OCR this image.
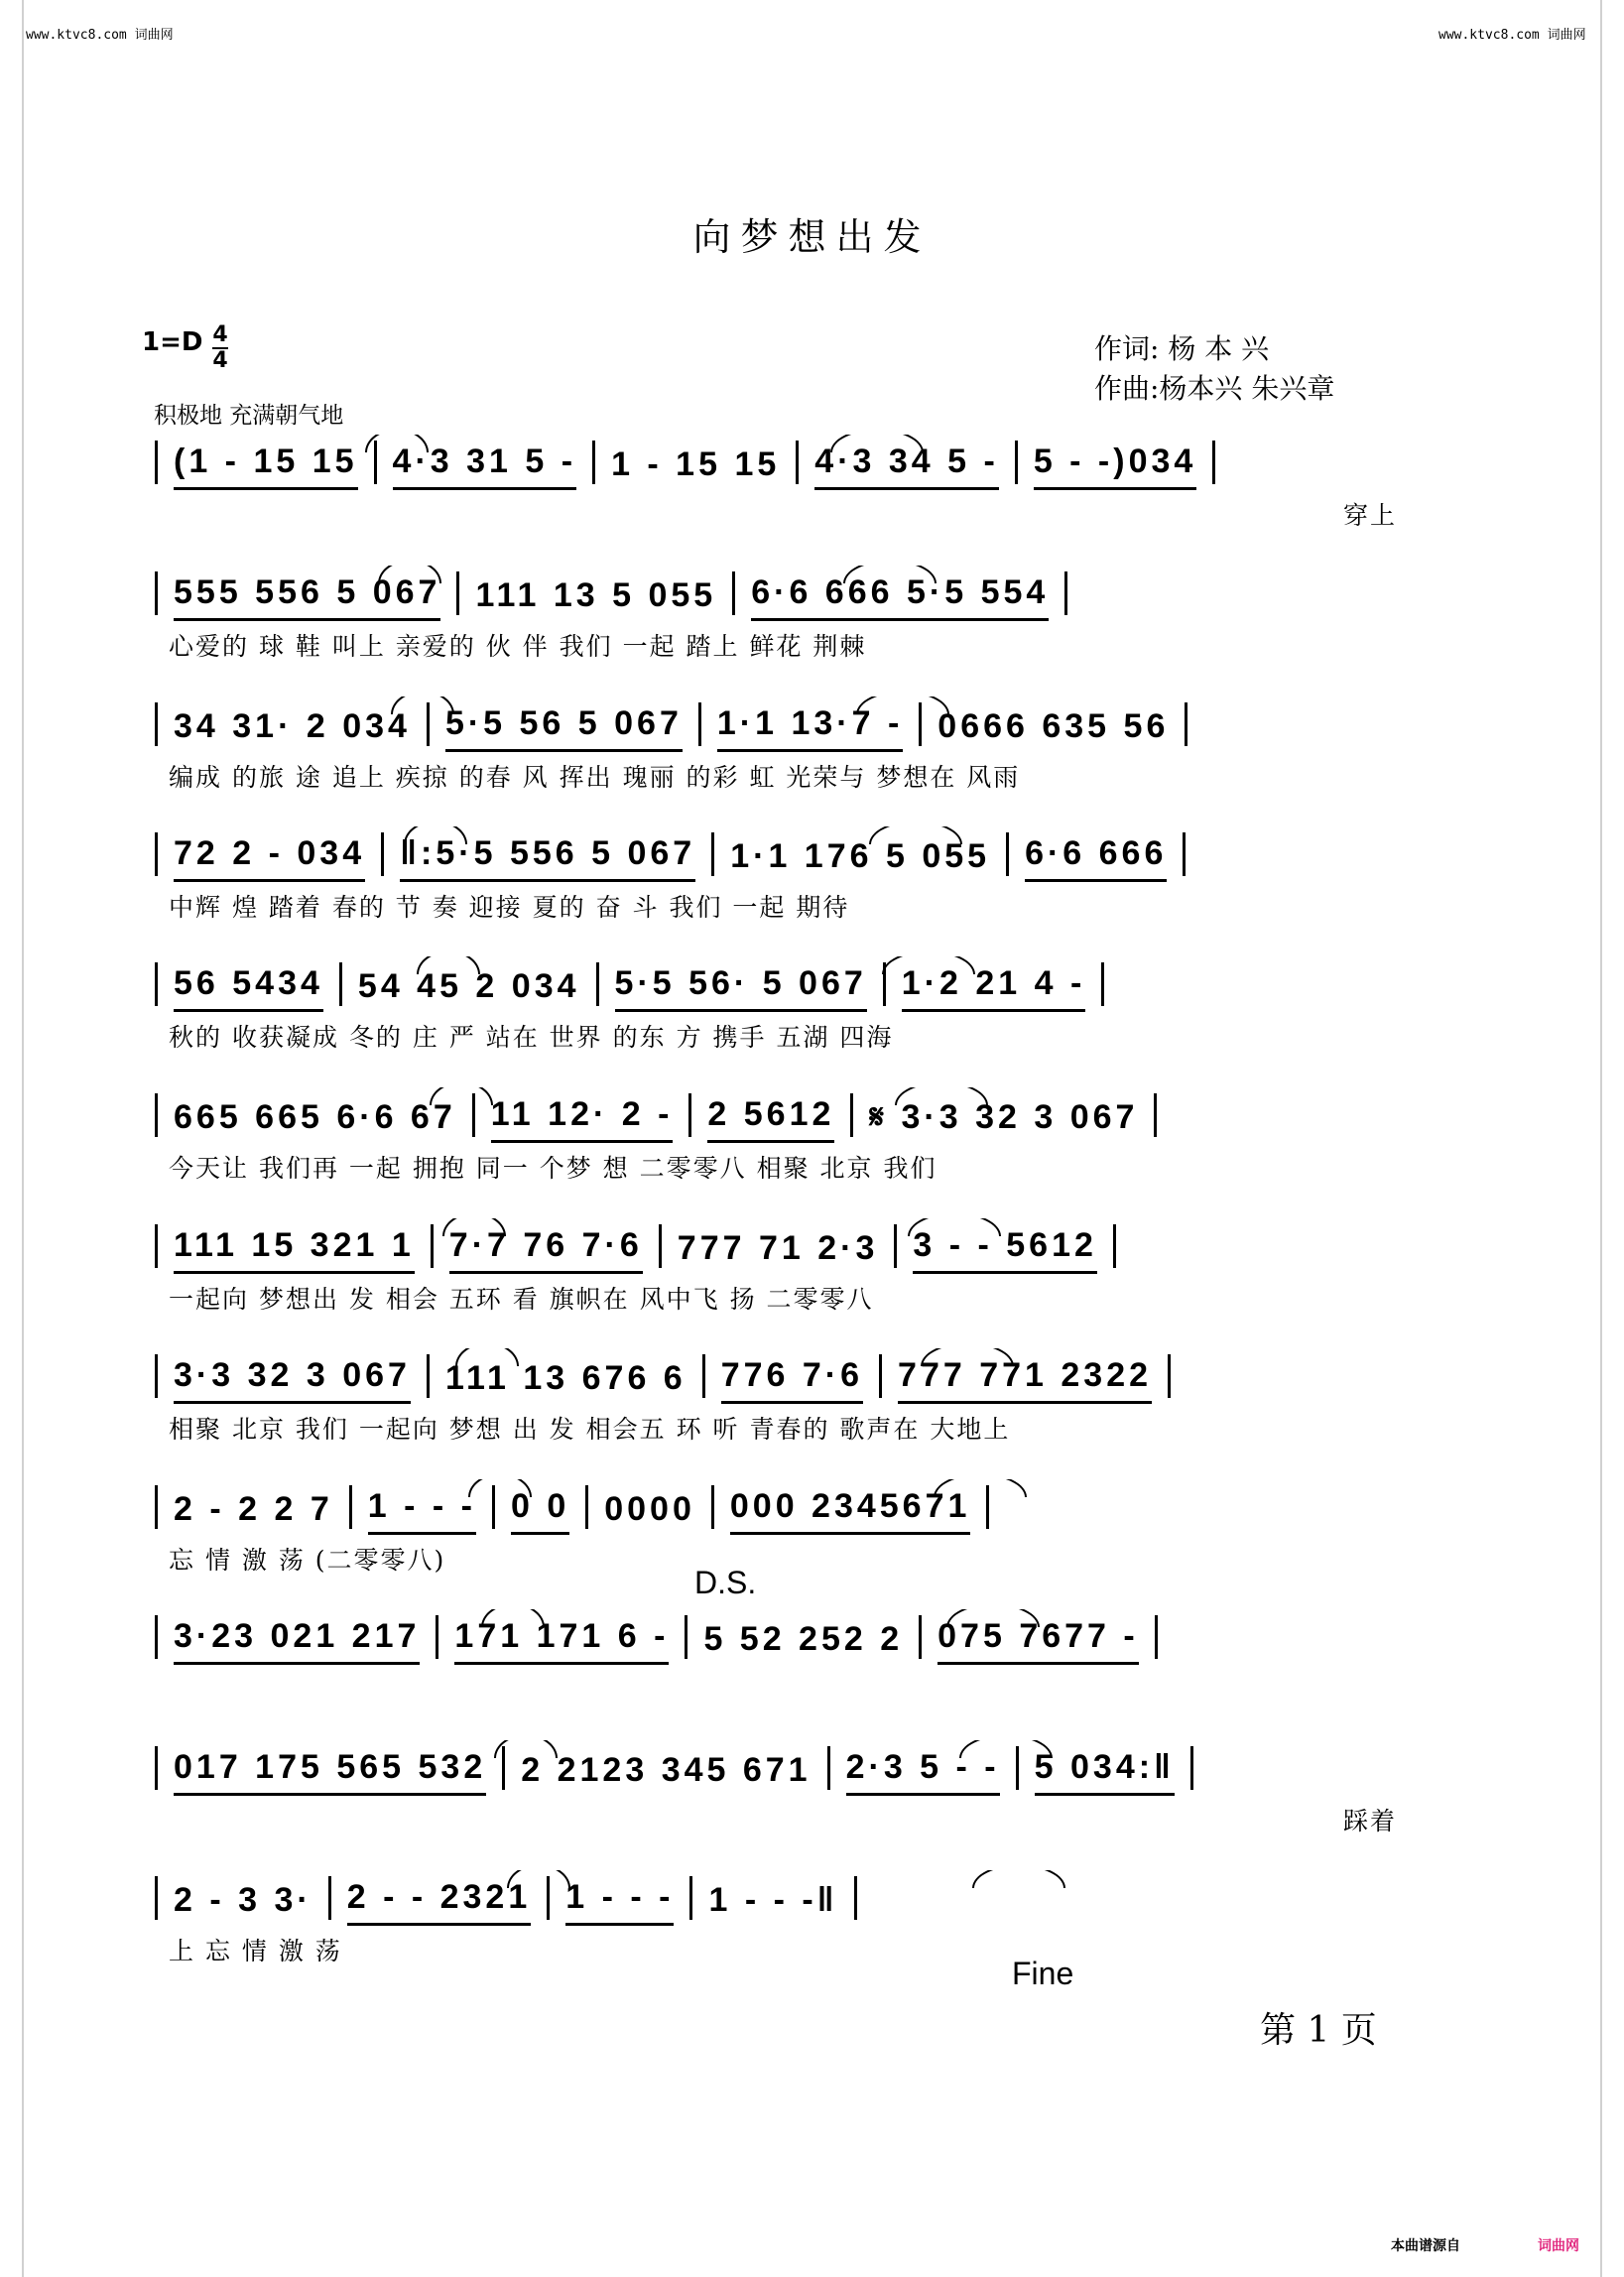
www.ktvc8.com 词曲网	www.ktvc8.com 词曲网
向梦想出发
1=D 4
4	作词: 杨 本 兴
作曲:杨本兴 朱兴章
积极地 充满朝气地
(1 - 15 15 4·3 31 5 - 1 - 15 15 4·3 34 5 - 5 - -)034
穿上
555 556 5 067 111 13 5 055 6·6 666 5·5 554
心爱的 球 鞋 叫上 亲爱的 伙 伴 我们 一起 踏上 鲜花 荆棘
34 31· 2 034 5·5 56 5 067 1·1 13·7 - 0666 635 56
编成 的旅 途 追上 疾掠 的春 风 挥出 瑰丽 的彩 虹 光荣与 梦想在 风雨
72 2 - 034 ‖:5·5 556 5 067 1·1 176 5 055 6·6 666
中辉 煌 踏着 春的 节 奏 迎接 夏的 奋 斗 我们 一起 期待
56 5434 54 45 2 034 5·5 56· 5 067 1·2 21 4 -
秋的 收获凝成 冬的 庄 严 站在 世界 的东 方 携手 五湖 四海
665 665 6·6 67 11 12· 2 - 2 5612 𝄋 3·3 32 3 067
今天让 我们再 一起 拥抱 同一 个梦 想 二零零八 相聚 北京 我们
111 15 321 1 7·7 76 7·6 777 71 2·3 3 - - 5612
一起向 梦想出 发 相会 五环 看 旗帜在 风中飞 扬 二零零八
3·3 32 3 067 111 13 676 6 776 7·6 777 771 2322
相聚 北京 我们 一起向 梦想 出 发 相会五 环 听 青春的 歌声在 大地上
2 - 2 2 7 1 - - - 0 0 0000 000 2345671
忘 情 激 荡 (二零零八)
D.S.
3·23 021 217 171 171 6 - 5 52 252 2 075 7677 -
017 175 565 532 2 2123 345 671 2·3 5 - - 5 034:‖
踩着
2 - 3 3· 2 - - 2321 1 - - - 1 - - -‖
上 忘 情 激 荡
Fine
第 1 页
本曲谱源自	词曲网
